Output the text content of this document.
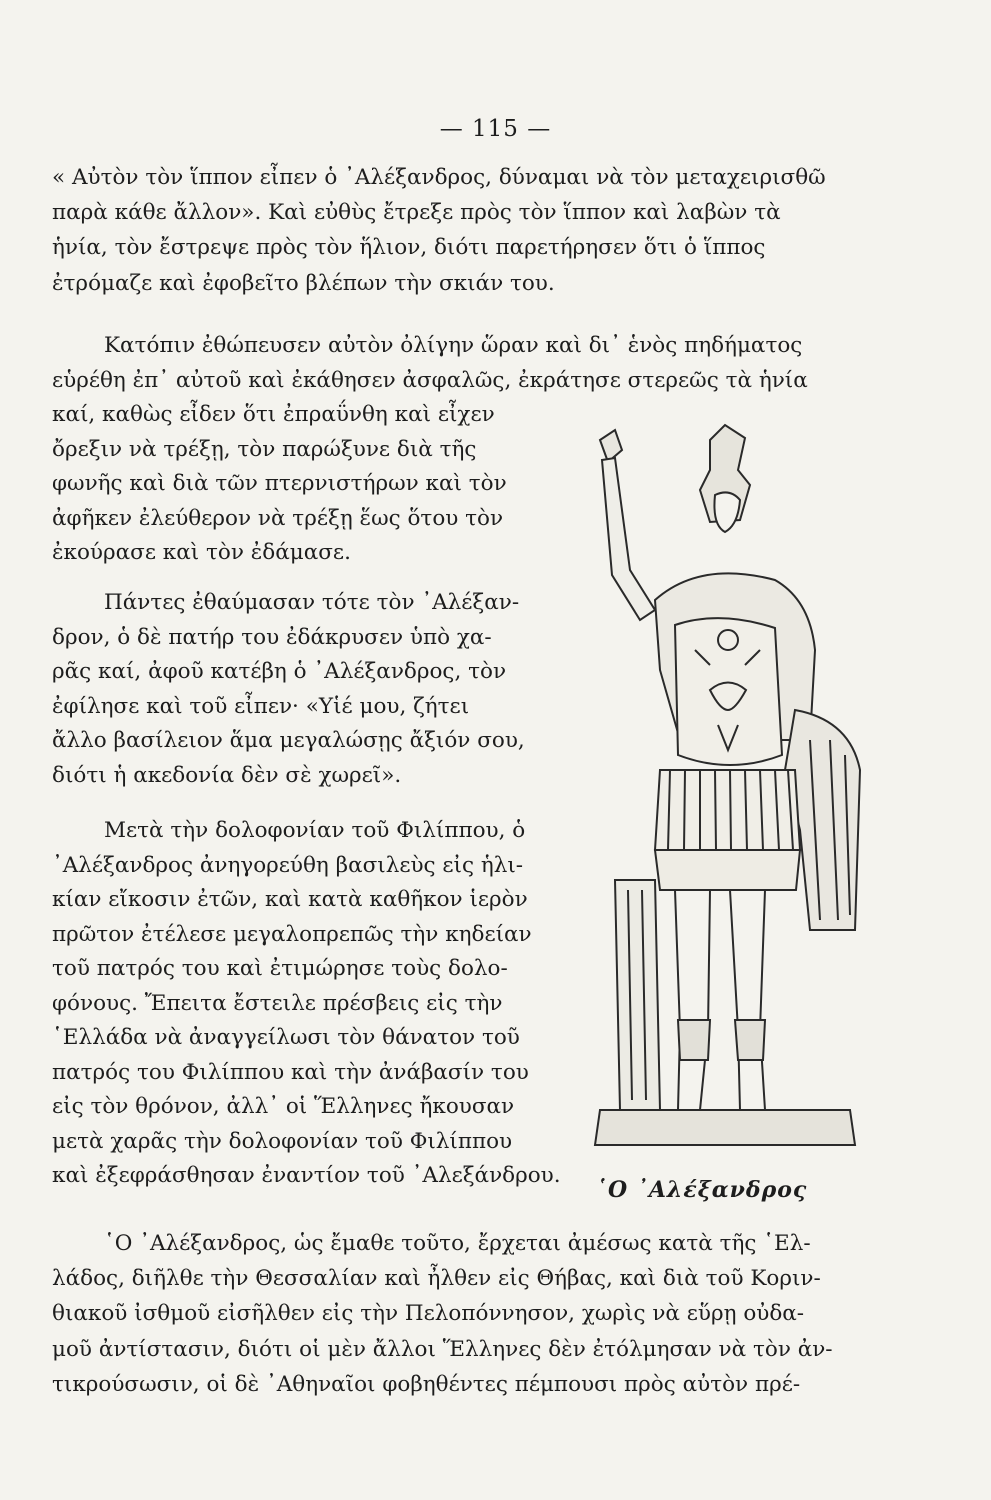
— 115 —

« Αὐτὸν τὸν ἵππον εἶπεν ὁ ᾿Αλέξανδρος, δύναμαι νὰ τὸν μεταχειρισθῶ
παρὰ κάθε ἄλλον». Καὶ εὐθὺς ἔτρεξε πρὸς τὸν ἵππον καὶ λαβὼν τὰ
ἡνία, τὸν ἔστρεψε πρὸς τὸν ἥλιον, διότι παρετήρησεν ὅτι ὁ ἵππος
ἐτρόμαζε καὶ ἐφοβεῖτο βλέπων τὴν σκιάν του.

Κατόπιν ἐθώπευσεν αὐτὸν ὀλίγην ὥραν καὶ δι᾿ ἑνὸς πηδήματος
εὑρέθη ἐπ᾿ αὐτοῦ καὶ ἐκάθησεν ἀσφαλῶς, ἐκράτησε στερεῶς τὰ ἡνία

καί, καθὼς εἶδεν ὅτι ἐπραΰνθη καὶ εἶχεν
ὄρεξιν νὰ τρέξῃ, τὸν παρώξυνε διὰ τῆς
φωνῆς καὶ διὰ τῶν πτερνιστήρων καὶ τὸν
ἀφῆκεν ἐλεύθερον νὰ τρέξῃ ἕως ὅτου τὸν
ἐκούρασε καὶ τὸν ἐδάμασε.

Πάντες ἐθαύμασαν τότε τὸν ᾿Αλέξαν-
δρον, ὁ δὲ πατήρ του ἐδάκρυσεν ὑπὸ χα-
ρᾶς καί, ἀφοῦ κατέβη ὁ ᾿Αλέξανδρος, τὸν
ἐφίλησε καὶ τοῦ εἶπεν· «Υἱέ μου, ζήτει
ἄλλο βασίλειον ἅμα μεγαλώσῃς ἄξιόν σου,
διότι ἡ ακεδονία δὲν σὲ χωρεῖ».

Μετὰ τὴν δολοφονίαν τοῦ Φιλίππου, ὁ
᾿Αλέξανδρος ἀνηγορεύθη βασιλεὺς εἰς ἡλι-
κίαν εἴκοσιν ἐτῶν, καὶ κατὰ καθῆκον ἱερὸν
πρῶτον ἐτέλεσε μεγαλοπρεπῶς τὴν κηδείαν
τοῦ πατρός του καὶ ἐτιμώρησε τοὺς δολο-
φόνους. Ἔπειτα ἔστειλε πρέσβεις εἰς τὴν
῾Ελλάδα νὰ ἀναγγείλωσι τὸν θάνατον τοῦ
πατρός του Φιλίππου καὶ τὴν ἀνάβασίν του
εἰς τὸν θρόνον, ἀλλ᾿ οἱ Ἕλληνες ἤκουσαν
μετὰ χαρᾶς τὴν δολοφονίαν τοῦ Φιλίππου
καὶ ἐξεφράσθησαν ἐναντίον τοῦ ᾿Αλεξάνδρου.

῾Ο ᾿Αλέξανδρος

῾Ο ᾿Αλέξανδρος, ὡς ἔμαθε τοῦτο, ἔρχεται ἀμέσως κατὰ τῆς ῾Ελ-
λάδος, διῆλθε τὴν Θεσσαλίαν καὶ ἦλθεν εἰς Θήβας, καὶ διὰ τοῦ Κοριν-
θιακοῦ ἰσθμοῦ εἰσῆλθεν εἰς τὴν Πελοπόννησον, χωρὶς νὰ εὕρῃ οὐδα-
μοῦ ἀντίστασιν, διότι οἱ μὲν ἄλλοι Ἕλληνες δὲν ἐτόλμησαν νὰ τὸν ἀν-
τικρούσωσιν, οἱ δὲ ᾿Αθηναῖοι φοβηθέντες πέμπουσι πρὸς αὐτὸν πρέ-
